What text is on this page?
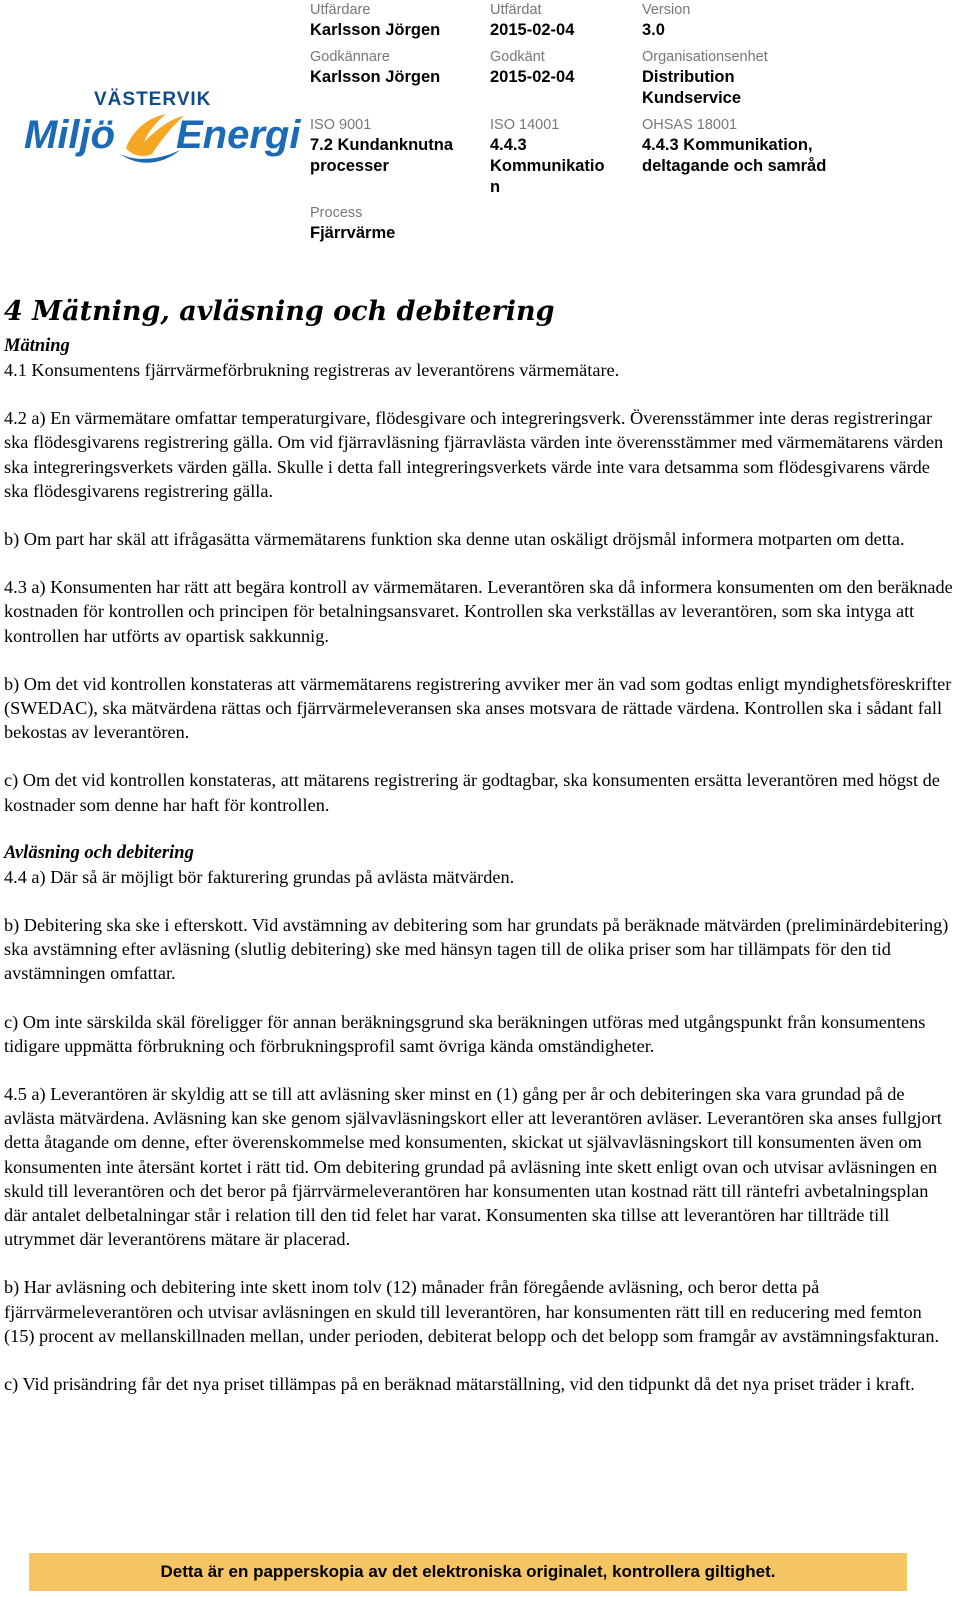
VÄSTERVIK
Miljö Energi
Utfärdare
Karlsson Jörgen
Utfärdat
2015-02-04
Version
3.0
Godkännare
Karlsson Jörgen
Godkänt
2015-02-04
Organisationsenhet
Distribution
Kundservice
ISO 9001
7.2 Kundanknutna
processer
ISO 14001
4.4.3
Kommunikatio
n
OHSAS 18001
4.4.3 Kommunikation,
deltagande och samråd
Process
Fjärrvärme
4 Mätning, avläsning och debitering

Mätning

4.1 Konsumentens fjärrvärmeförbrukning registreras av leverantörens värmemätare.

4.2 a) En värmemätare omfattar temperaturgivare, flödesgivare och integreringsverk. Överensstämmer inte deras registreringar ska flödesgivarens registrering gälla. Om vid fjärravläsning fjärravlästa värden inte överensstämmer med värmemätarens värden ska integreringsverkets värden gälla. Skulle i detta fall integreringsverkets värde inte vara detsamma som flödesgivarens värde ska flödesgivarens registrering gälla.

b) Om part har skäl att ifrågasätta värmemätarens funktion ska denne utan oskäligt dröjsmål informera motparten om detta.

4.3 a) Konsumenten har rätt att begära kontroll av värmemätaren. Leverantören ska då informera konsumenten om den beräknade kostnaden för kontrollen och principen för betalningsansvaret. Kontrollen ska verkställas av leverantören, som ska intyga att kontrollen har utförts av opartisk sakkunnig.

b) Om det vid kontrollen konstateras att värmemätarens registrering avviker mer än vad som godtas enligt myndighetsföreskrifter (SWEDAC), ska mätvärdena rättas och fjärrvärmeleveransen ska anses motsvara de rättade värdena. Kontrollen ska i sådant fall bekostas av leverantören.

c) Om det vid kontrollen konstateras, att mätarens registrering är godtagbar, ska konsumenten ersätta leverantören med högst de kostnader som denne har haft för kontrollen.

Avläsning och debitering

4.4 a) Där så är möjligt bör fakturering grundas på avlästa mätvärden.

b) Debitering ska ske i efterskott. Vid avstämning av debitering som har grundats på beräknade mätvärden (preliminärdebitering) ska avstämning efter avläsning (slutlig debitering) ske med hänsyn tagen till de olika priser som har tillämpats för den tid avstämningen omfattar.

c) Om inte särskilda skäl föreligger för annan beräkningsgrund ska beräkningen utföras med utgångspunkt från konsumentens tidigare uppmätta förbrukning och förbrukningsprofil samt övriga kända omständigheter.

4.5 a) Leverantören är skyldig att se till att avläsning sker minst en (1) gång per år och debiteringen ska vara grundad på de avlästa mätvärdena. Avläsning kan ske genom självavläsningskort eller att leverantören avläser. Leverantören ska anses fullgjort detta åtagande om denne, efter överenskommelse med konsumenten, skickat ut självavläsningskort till konsumenten även om konsumenten inte återsänt kortet i rätt tid. Om debitering grundad på avläsning inte skett enligt ovan och utvisar avläsningen en skuld till leverantören och det beror på fjärrvärmeleverantören har konsumenten utan kostnad rätt till räntefri avbetalningsplan där antalet delbetalningar står i relation till den tid felet har varat. Konsumenten ska tillse att leverantören har tillträde till utrymmet där leverantörens mätare är placerad.

b) Har avläsning och debitering inte skett inom tolv (12) månader från föregående avläsning, och beror detta på fjärrvärmeleverantören och utvisar avläsningen en skuld till leverantören, har konsumenten rätt till en reducering med femton (15) procent av mellanskillnaden mellan, under perioden, debiterat belopp och det belopp som framgår av avstämningsfakturan.

c) Vid prisändring får det nya priset tillämpas på en beräknad mätarställning, vid den tidpunkt då det nya priset träder i kraft.

Detta är en papperskopia av det elektroniska originalet, kontrollera giltighet.
